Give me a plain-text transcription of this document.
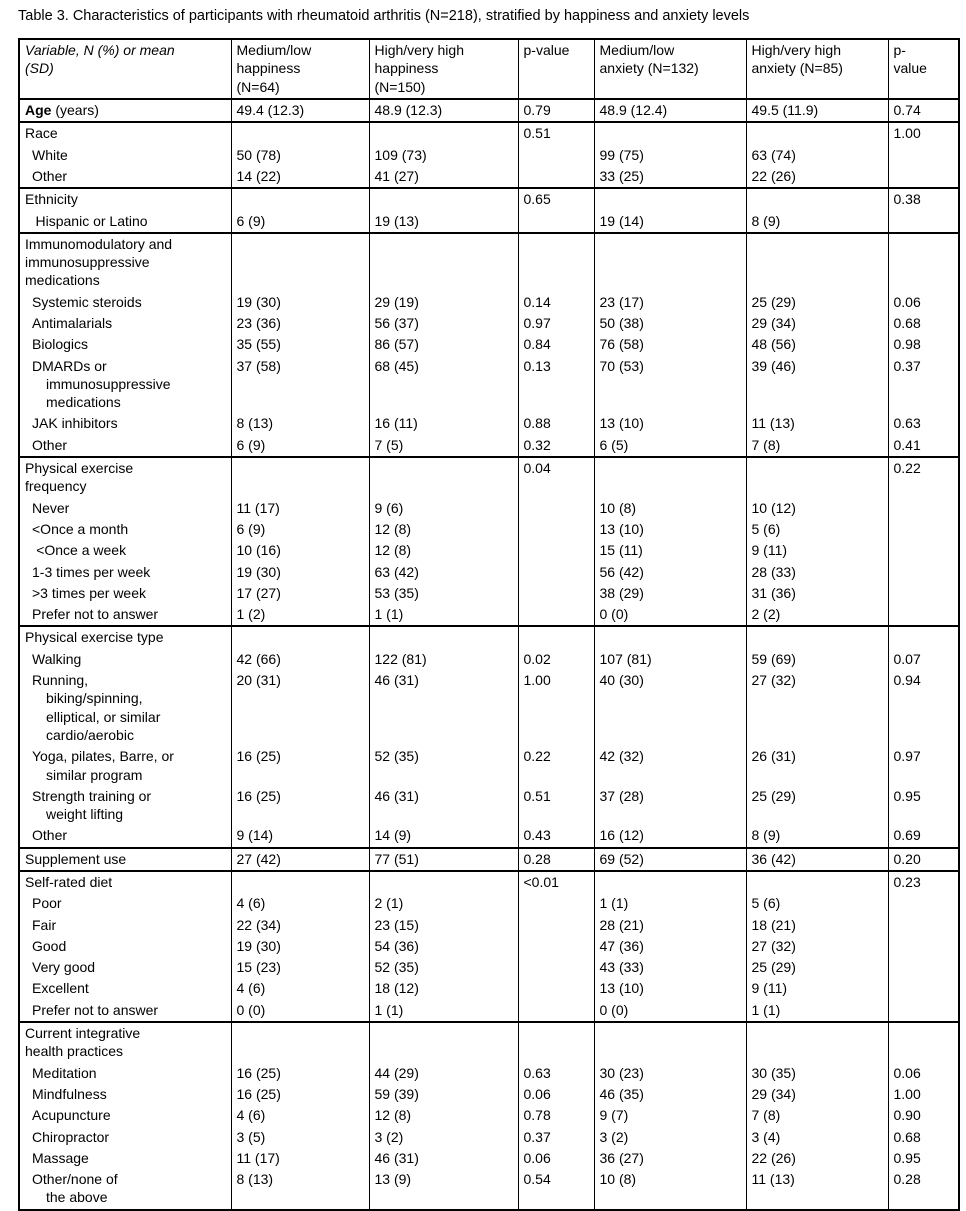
Table 3. Characteristics of participants with rheumatoid arthritis (N=218), stratified by happiness and anxiety levels

Variable, N (%) or mean
(SD)	Medium/low
happiness
(N=64)	High/very high
happiness
(N=150)	p-value	Medium/low
anxiety (N=132)	High/very high
anxiety (N=85)	p-
value
Age (years)	49.4 (12.3)	48.9 (12.3)	0.79	48.9 (12.4)	49.5 (11.9)	0.74
Race			0.51			1.00
White	50 (78)	109 (73)		99 (75)	63 (74)	
Other	14 (22)	41 (27)		33 (25)	22 (26)	
Ethnicity			0.65			0.38
Hispanic or Latino	6 (9)	19 (13)		19 (14)	8 (9)	
Immunomodulatory and
immunosuppressive
medications						

Systemic steroids	19 (30)	29 (19)	0.14	23 (17)	25 (29)	0.06
Antimalarials	23 (36)	56 (37)	0.97	50 (38)	29 (34)	0.68
Biologics	35 (55)	86 (57)	0.84	76 (58)	48 (56)	0.98
DMARDs or
immunosuppressive
medications	37 (58)	68 (45)	0.13	70 (53)	39 (46)	0.37
JAK inhibitors	8 (13)	16 (11)	0.88	13 (10)	11 (13)	0.63
Other	6 (9)	7 (5)	0.32	6 (5)	7 (8)	0.41
Physical exercise
frequency			0.04			0.22
Never	11 (17)	9 (6)		10 (8)	10 (12)	
<Once a month	6 (9)	12 (8)		13 (10)	5 (6)	
<Once a week	10 (16)	12 (8)		15 (11)	9 (11)	
1-3 times per week	19 (30)	63 (42)		56 (42)	28 (33)	
>3 times per week	17 (27)	53 (35)		38 (29)	31 (36)	
Prefer not to answer	1 (2)	1 (1)		0 (0)	2 (2)	
Physical exercise type						
Walking	42 (66)	122 (81)	0.02	107 (81)	59 (69)	0.07
Running,
biking/spinning,
elliptical, or similar
cardio/aerobic	20 (31)	46 (31)	1.00	40 (30)	27 (32)	0.94
Yoga, pilates, Barre, or
similar program	16 (25)	52 (35)	0.22	42 (32)	26 (31)	0.97
Strength training or
weight lifting	16 (25)	46 (31)	0.51	37 (28)	25 (29)	0.95
Other	9 (14)	14 (9)	0.43	16 (12)	8 (9)	0.69
Supplement use	27 (42)	77 (51)	0.28	69 (52)	36 (42)	0.20
Self-rated diet			<0.01			0.23
Poor	4 (6)	2 (1)		1 (1)	5 (6)	
Fair	22 (34)	23 (15)		28 (21)	18 (21)	
Good	19 (30)	54 (36)		47 (36)	27 (32)	
Very good	15 (23)	52 (35)		43 (33)	25 (29)	
Excellent	4 (6)	18 (12)		13 (10)	9 (11)	
Prefer not to answer	0 (0)	1 (1)		0 (0)	1 (1)	
Current integrative
health practices						

Meditation	16 (25)	44 (29)	0.63	30 (23)	30 (35)	0.06
Mindfulness	16 (25)	59 (39)	0.06	46 (35)	29 (34)	1.00
Acupuncture	4 (6)	12 (8)	0.78	9 (7)	7 (8)	0.90
Chiropractor	3 (5)	3 (2)	0.37	3 (2)	3 (4)	0.68
Massage	11 (17)	46 (31)	0.06	36 (27)	22 (26)	0.95
Other/none of
the above	8 (13)	13 (9)	0.54	10 (8)	11 (13)	0.28
